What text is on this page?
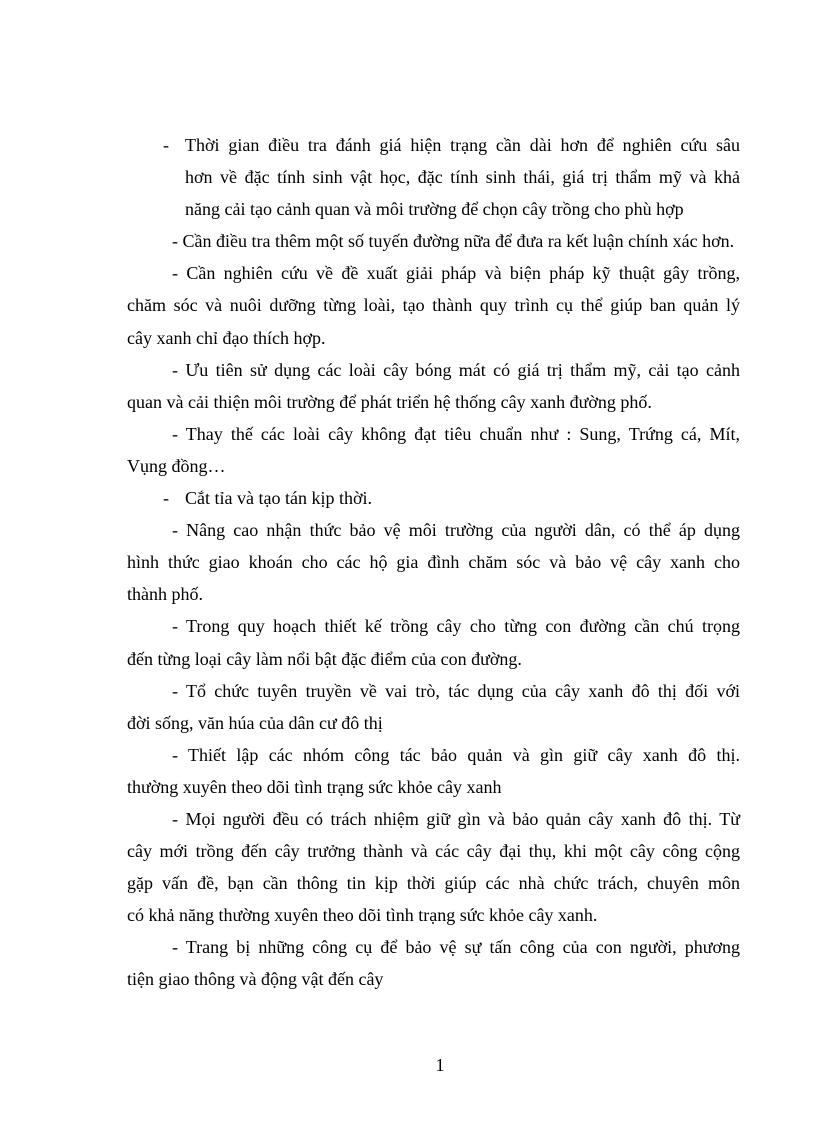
- Thời gian điều tra đánh giá hiện trạng cần dài hơn để nghiên cứu sâu
hơn về đặc tính sinh vật học, đặc tính sinh thái, giá trị thẩm mỹ và khả
năng cải tạo cảnh quan và môi trường để chọn cây trồng cho phù hợp
- Cần điều tra thêm một số tuyến đường nữa để đưa ra kết luận chính xác hơn.
- Cần nghiên cứu về đề xuất giải pháp và biện pháp kỹ thuật gây trồng,
chăm sóc và nuôi dưỡng từng loài, tạo thành quy trình cụ thể giúp ban quản lý
cây xanh chỉ đạo thích hợp.
- Ưu tiên sử dụng các loài cây bóng mát có giá trị thẩm mỹ, cải tạo cảnh
quan và cải thiện môi trường để phát triển hệ thống cây xanh đường phố.
- Thay thế các loài cây không đạt tiêu chuẩn như : Sung, Trứng cá, Mít,
Vụng đồng…
- Cắt tỉa và tạo tán kịp thời.
- Nâng cao nhận thức bảo vệ môi trường của người dân, có thể áp dụng
hình thức giao khoán cho các hộ gia đình chăm sóc và bảo vệ cây xanh cho
thành phố.
- Trong quy hoạch thiết kế trồng cây cho từng con đường cần chú trọng
đến từng loại cây làm nổi bật đặc điểm của con đường.
- Tổ chức tuyên truyền về vai trò, tác dụng của cây xanh đô thị đối với
đời sống, văn húa của dân cư đô thị
- Thiết lập các nhóm công tác bảo quản và gìn giữ cây xanh đô thị.
thường xuyên theo dõi tình trạng sức khỏe cây xanh
- Mọi người đều có trách nhiệm giữ gìn và bảo quản cây xanh đô thị. Từ
cây mới trồng đến cây trưởng thành và các cây đại thụ, khi một cây công cộng
gặp vấn đề, bạn cần thông tin kịp thời giúp các nhà chức trách, chuyên môn
có khả năng thường xuyên theo dõi tình trạng sức khỏe cây xanh.
- Trang bị những công cụ để bảo vệ sự tấn công của con người, phương
tiện giao thông và động vật đến cây
1
